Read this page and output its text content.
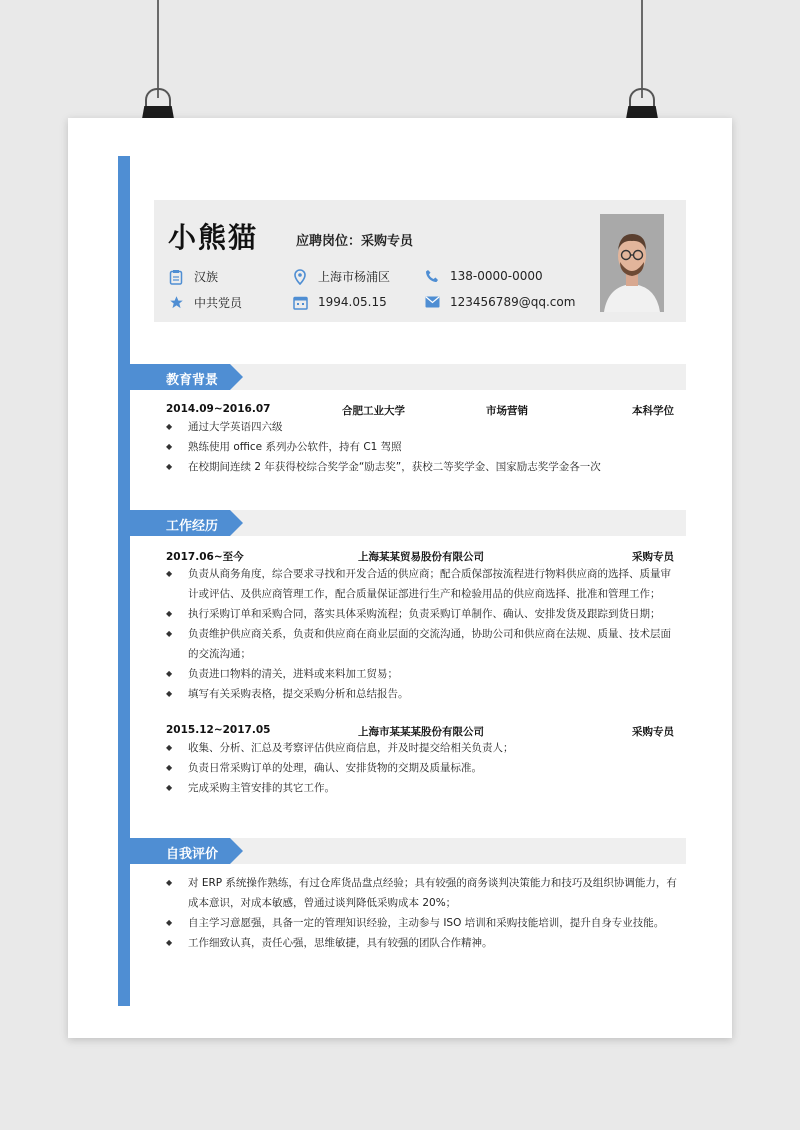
小熊猫	应聘岗位：采购专员
汉族	上海市杨浦区	138-0000-0000
中共党员	1994.05.15	123456789@qq.com
教育背景
2014.09~2016.07	合肥工业大学	市场营销	本科学位
◆ 通过大学英语四六级
◆ 熟练使用 office 系列办公软件，持有 C1 驾照
◆ 在校期间连续 2 年获得校综合奖学金“励志奖”，获校二等奖学金、国家励志奖学金各一次
工作经历
2017.06~至今	上海某某贸易股份有限公司	采购专员
◆ 负责从商务角度，综合要求寻找和开发合适的供应商；配合质保部按流程进行物料供应商的选择、质量审计或评估、及供应商管理工作，配合质量保证部进行生产和检验用品的供应商选择、批准和管理工作；
◆ 执行采购订单和采购合同，落实具体采购流程；负责采购订单制作、确认、安排发货及跟踪到货日期；
◆ 负责维护供应商关系，负责和供应商在商业层面的交流沟通，协助公司和供应商在法规、质量、技术层面的交流沟通；
◆ 负责进口物料的清关，进料或来料加工贸易；
◆ 填写有关采购表格，提交采购分析和总结报告。
2015.12~2017.05	上海市某某某股份有限公司	采购专员
◆ 收集、分析、汇总及考察评估供应商信息，并及时提交给相关负责人；
◆ 负责日常采购订单的处理，确认、安排货物的交期及质量标准。
◆ 完成采购主管安排的其它工作。
自我评价
◆ 对 ERP 系统操作熟练，有过仓库货品盘点经验；具有较强的商务谈判决策能力和技巧及组织协调能力，有成本意识，对成本敏感，曾通过谈判降低采购成本 20%；
◆ 自主学习意愿强，具备一定的管理知识经验，主动参与 ISO 培训和采购技能培训，提升自身专业技能。
◆ 工作细致认真，责任心强，思维敏捷，具有较强的团队合作精神。
